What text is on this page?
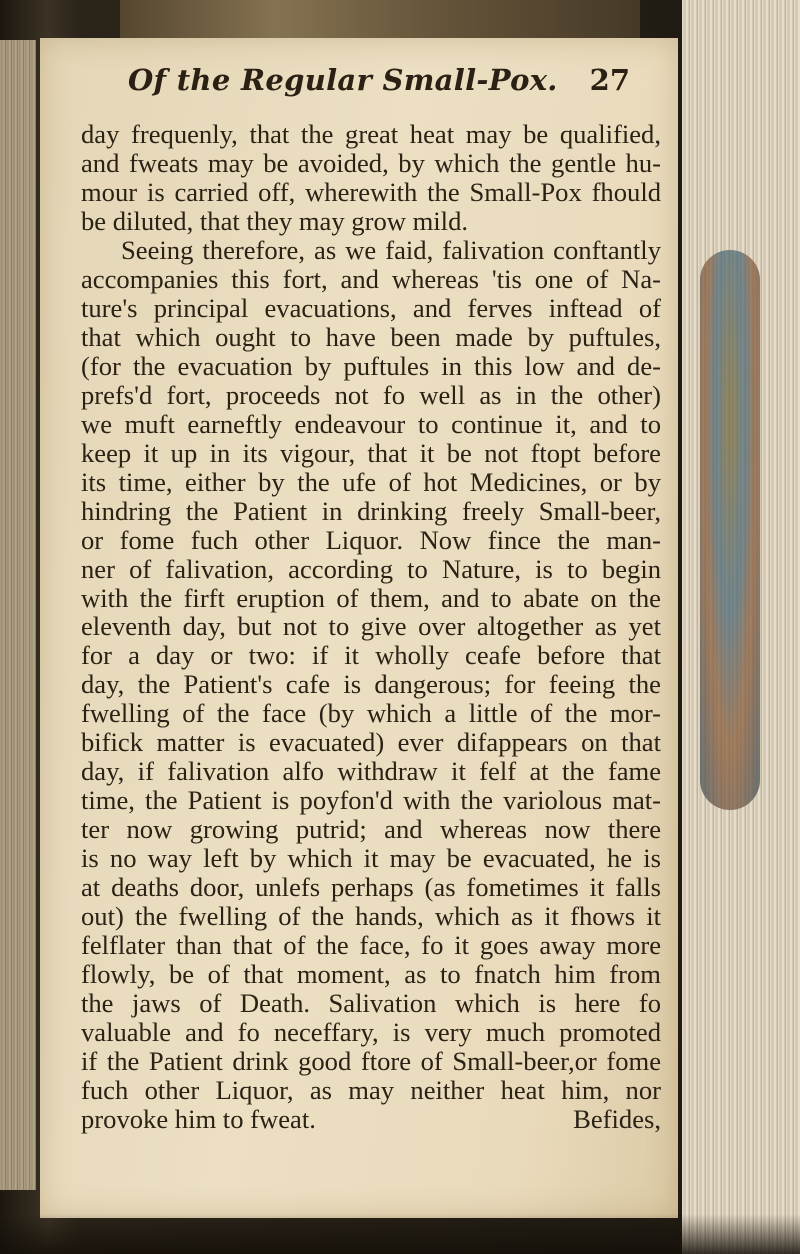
Of the Regular Small-Pox. 27
day frequenly, that the great heat may be qualified,
and fweats may be avoided, by which the gentle hu-
mour is carried off, wherewith the Small-Pox fhould
be diluted, that they may grow mild.
Seeing therefore, as we faid, falivation conftantly
accompanies this fort, and whereas 'tis one of Na-
ture's principal evacuations, and ferves inftead of
that which ought to have been made by puftules,
(for the evacuation by puftules in this low and de-
prefs'd fort, proceeds not fo well as in the other)
we muft earneftly endeavour to continue it, and to
keep it up in its vigour, that it be not ftopt before
its time, either by the ufe of hot Medicines, or by
hindring the Patient in drinking freely Small-beer,
or fome fuch other Liquor. Now fince the man-
ner of falivation, according to Nature, is to begin
with the firft eruption of them, and to abate on the
eleventh day, but not to give over altogether as yet
for a day or two: if it wholly ceafe before that
day, the Patient's cafe is dangerous; for feeing the
fwelling of the face (by which a little of the mor-
bifick matter is evacuated) ever difappears on that
day, if falivation alfo withdraw it felf at the fame
time, the Patient is poyfon'd with the variolous mat-
ter now growing putrid; and whereas now there
is no way left by which it may be evacuated, he is
at deaths door, unlefs perhaps (as fometimes it falls
out) the fwelling of the hands, which as it fhows it
felflater than that of the face, fo it goes away more
flowly, be of that moment, as to fnatch him from
the jaws of Death. Salivation which is here fo
valuable and fo neceffary, is very much promoted
if the Patient drink good ftore of Small-beer,or fome
fuch other Liquor, as may neither heat him, nor
provoke him to fweat.	Befides,
